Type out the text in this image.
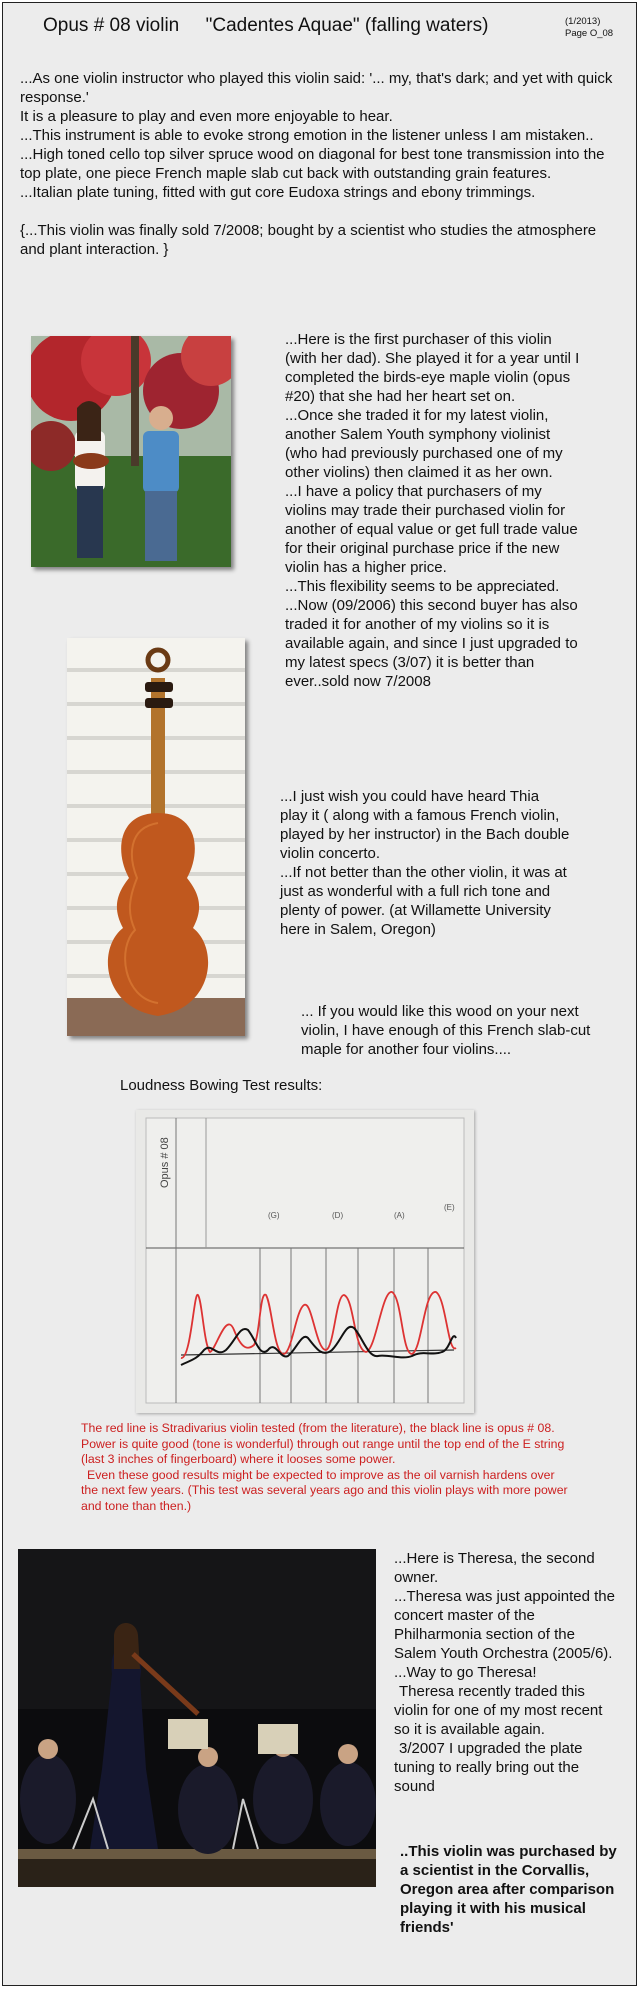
Opus # 08 violin     "Cadentes Aquae" (falling waters)	(1/2013)
Page O_08

...As one violin instructor who played this violin said: '... my, that's dark; and yet with quick response.'

It is a pleasure to play and even more enjoyable to hear.

...This instrument is able to evoke strong emotion in the listener unless I am mistaken..

...High toned cello top silver spruce wood on diagonal for best tone transmission into the top plate, one piece French maple slab cut back with outstanding grain features.

...Italian plate tuning, fitted with gut core Eudoxa strings and ebony trimmings.

{...This violin was finally sold 7/2008; bought by a scientist who studies the atmosphere and plant interaction. }

...Here is the first purchaser of this violin (with her dad). She played it for a year until I completed the birds-eye maple violin (opus #20) that she had her heart set on.

...Once she traded it for my latest violin, another Salem Youth symphony violinist (who had previously purchased one of my other violins) then claimed it as her own.

...I have a policy that purchasers of my violins may trade their purchased violin for another of equal value or get full trade value for their original purchase price if the new violin has a higher price.

...This flexibility seems to be appreciated.

...Now (09/2006) this second buyer has also traded it for another of my violins so it is available again, and since I just upgraded to my latest specs (3/07) it is better than ever..sold now 7/2008

...I just wish you could have heard Thia play it ( along with a famous French violin, played by her instructor) in the Bach double violin concerto.

...If not better than the other violin, it was at just as wonderful with a full rich tone and plenty of power. (at Willamette University here in Salem, Oregon)

... If you would like this wood on your next violin, I have enough of this French slab-cut maple for another four violins....
Loudness Bowing Test results:
Opus # 08
(G)	(D)	(A)
(E)
The red line is Stradivarius violin tested (from the literature), the black line is opus # 08. Power is quite good (tone is wonderful) through out range until the top end of the E string (last 3 inches of fingerboard) where it looses some power.
Even these good results might be expected to improve as the oil varnish hardens over the next few years. (This test was several years ago and this violin plays with more power and tone than then.)

...Here is Theresa, the second owner.

...Theresa was just appointed the concert master of the Philharmonia section of the Salem Youth Orchestra (2005/6).

...Way to go Theresa!

Theresa recently traded this violin for one of my most recent so it is available again.

3/2007 I upgraded the plate tuning to really bring out the sound

..This violin was purchased by a scientist in the Corvallis, Oregon area after comparison playing it with his musical friends'
